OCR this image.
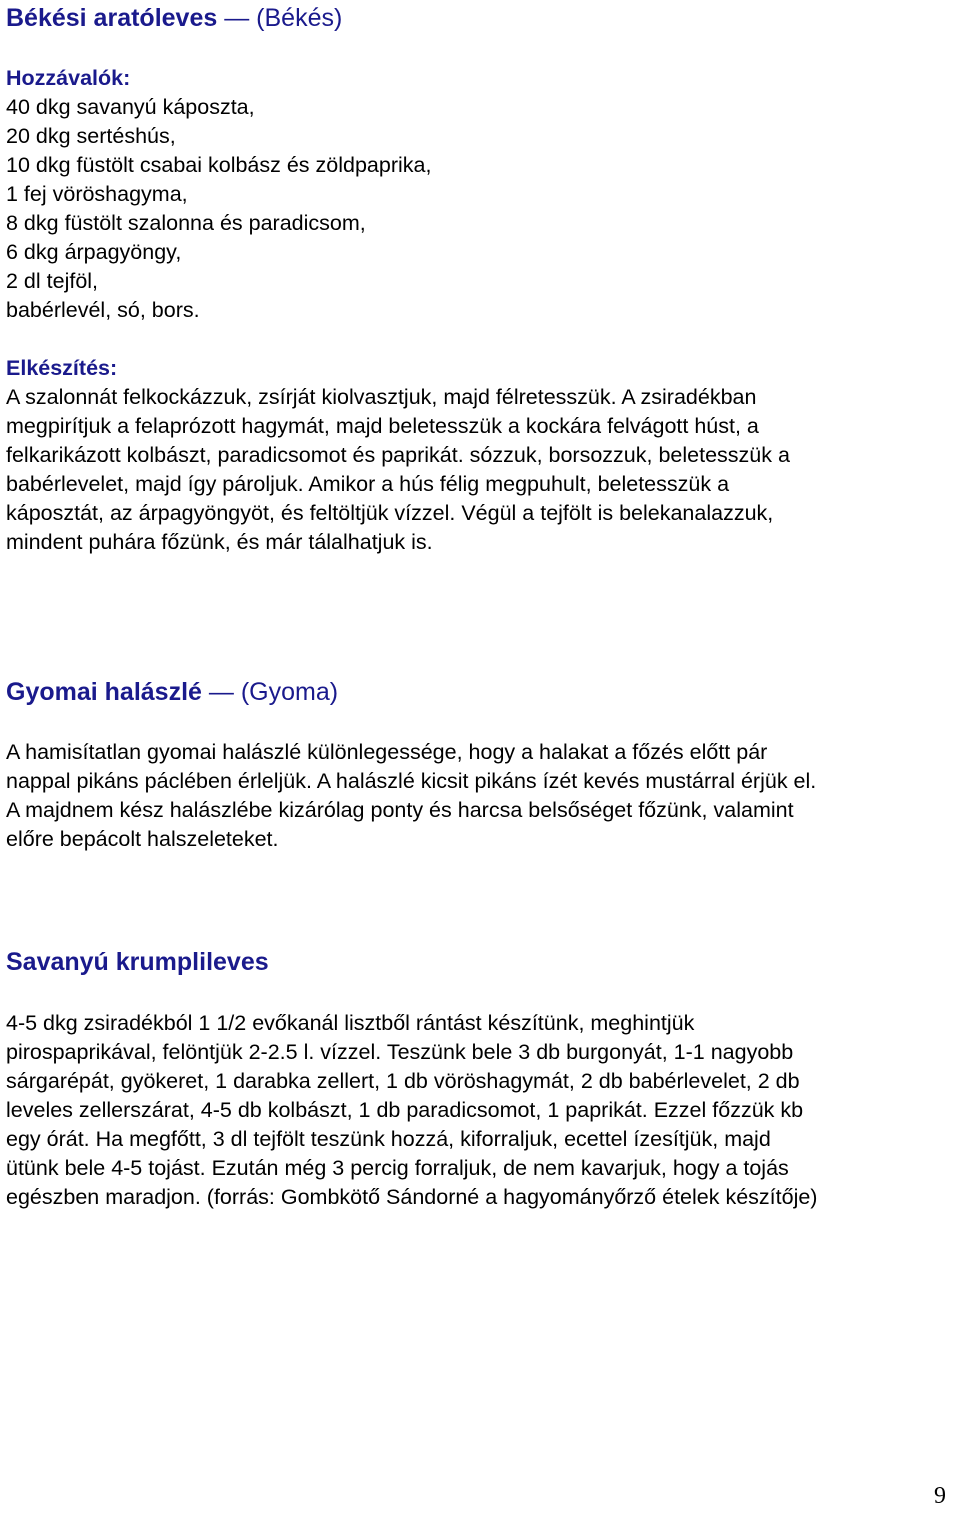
Békési aratóleves — (Békés)
Hozzávalók:
40 dkg savanyú káposzta,
20 dkg sertéshús,
10 dkg füstölt csabai kolbász és zöldpaprika,
1 fej vöröshagyma,
8 dkg füstölt szalonna és paradicsom,
6 dkg árpagyöngy,
2 dl tejföl,
babérlevél, só, bors.
Elkészítés:
A szalonnát felkockázzuk, zsírját kiolvasztjuk, majd félretesszük. A zsiradékban
megpirítjuk a felaprózott hagymát, majd beletesszük a kockára felvágott húst, a
felkarikázott kolbászt, paradicsomot és paprikát. sózzuk, borsozzuk, beletesszük a
babérlevelet, majd így pároljuk. Amikor a hús félig megpuhult, beletesszük a
káposztát, az árpagyöngyöt, és feltöltjük vízzel. Végül a tejfölt is belekanalazzuk,
mindent puhára főzünk, és már tálalhatjuk is.
Gyomai halászlé — (Gyoma)
A hamisítatlan gyomai halászlé különlegessége, hogy a halakat a főzés előtt pár
nappal pikáns páclében érleljük. A halászlé kicsit pikáns ízét kevés mustárral érjük el.
A majdnem kész halászlébe kizárólag ponty és harcsa belsőséget főzünk, valamint
előre bepácolt halszeleteket.
Savanyú krumplileves
4-5 dkg zsiradékból 1 1/2 evőkanál lisztből rántást készítünk, meghintjük
pirospaprikával, felöntjük 2-2.5 l. vízzel. Teszünk bele 3 db burgonyát, 1-1 nagyobb
sárgarépát, gyökeret, 1 darabka zellert, 1 db vöröshagymát, 2 db babérlevelet, 2 db
leveles zellerszárat, 4-5 db kolbászt, 1 db paradicsomot, 1 paprikát. Ezzel főzzük kb
egy órát. Ha megfőtt, 3 dl tejfölt teszünk hozzá, kiforraljuk, ecettel ízesítjük, majd
ütünk bele 4-5 tojást. Ezután még 3 percig forraljuk, de nem kavarjuk, hogy a tojás
egészben maradjon. (forrás: Gombkötő Sándorné a hagyományőrző ételek készítője)
9
